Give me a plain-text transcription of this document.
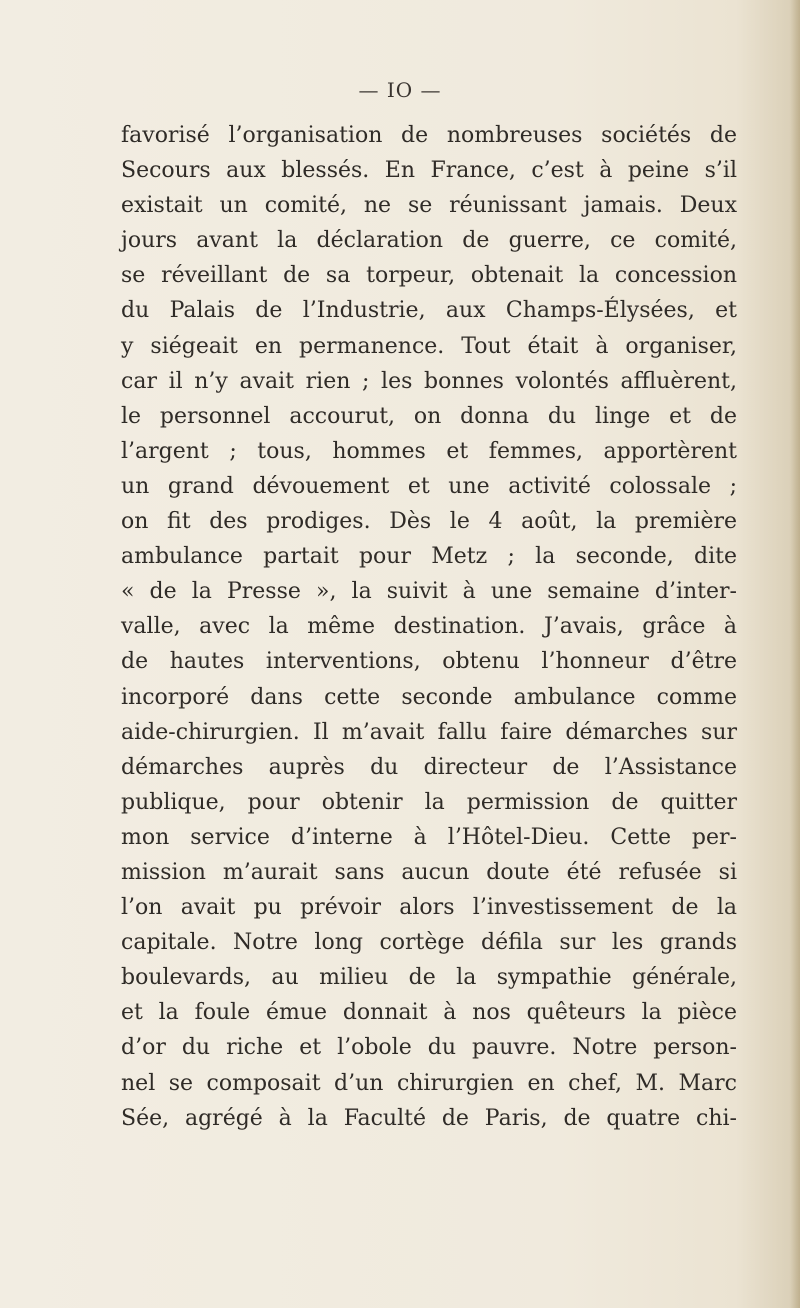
— IO —
favorisé l’organisation de nombreuses sociétés de
Secours aux blessés. En France, c’est à peine s’il
existait un comité, ne se réunissant jamais. Deux
jours avant la déclaration de guerre, ce comité,
se réveillant de sa torpeur, obtenait la concession
du Palais de l’Industrie, aux Champs-Élysées, et
y siégeait en permanence. Tout était à organiser,
car il n’y avait rien ; les bonnes volontés affluèrent,
le personnel accourut, on donna du linge et de
l’argent ; tous, hommes et femmes, apportèrent
un grand dévouement et une activité colossale ;
on fit des prodiges. Dès le 4 août, la première
ambulance partait pour Metz ; la seconde, dite
« de la Presse », la suivit à une semaine d’inter-
valle, avec la même destination. J’avais, grâce à
de hautes interventions, obtenu l’honneur d’être
incorporé dans cette seconde ambulance comme
aide-chirurgien. Il m’avait fallu faire démarches sur
démarches auprès du directeur de l’Assistance
publique, pour obtenir la permission de quitter
mon service d’interne à l’Hôtel-Dieu. Cette per-
mission m’aurait sans aucun doute été refusée si
l’on avait pu prévoir alors l’investissement de la
capitale. Notre long cortège défila sur les grands
boulevards, au milieu de la sympathie générale,
et la foule émue donnait à nos quêteurs la pièce
d’or du riche et l’obole du pauvre. Notre person-
nel se composait d’un chirurgien en chef, M. Marc
Sée, agrégé à la Faculté de Paris, de quatre chi-
